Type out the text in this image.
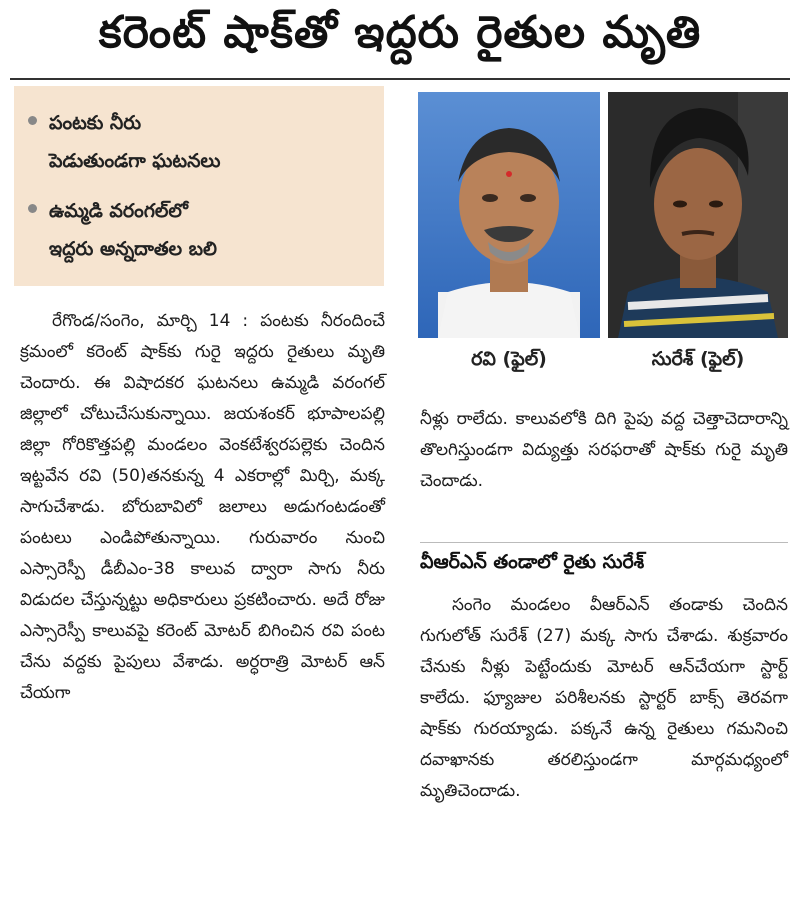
కరెంట్ షాక్‌తో ఇద్దరు రైతుల మృతి
పంటకు నీరు
పెడుతుండగా ఘటనలు
ఉమ్మడి వరంగల్‌లో
ఇద్దరు అన్నదాతల బలి
రవి (ఫైల్)	సురేశ్ (ఫైల్)

రేగొండ/సంగెం, మార్చి 14 : పంటకు నీరందించే క్రమంలో కరెంట్ షాక్‌కు గురై ఇద్దరు రైతులు మృతి చెందారు. ఈ విషాదకర ఘటనలు ఉమ్మడి వరంగల్ జిల్లాలో చోటుచేసుకున్నాయి. జయశంకర్ భూపాలపల్లి జిల్లా గోరికొత్తపల్లి మండలం వెంకటేశ్వరపల్లెకు చెందిన ఇట్టవేన రవి (50)తనకున్న 4 ఎకరాల్లో మిర్చి, మక్క సాగుచేశాడు. బోరుబావిలో జలాలు అడుగంటడంతో పంటలు ఎండిపోతున్నాయి. గురువారం నుంచి ఎస్సారెస్పీ డీబీఎం-38 కాలువ ద్వారా సాగు నీరు విడుదల చేస్తున్నట్టు అధికారులు ప్రకటించారు. అదే రోజు ఎస్సారెస్పీ కాలువపై కరెంట్ మోటర్ బిగించిన రవి పంట చేను వద్దకు పైపులు వేశాడు. అర్ధరాత్రి మోటర్ ఆన్ చేయగా

నీళ్లు రాలేదు. కాలువలోకి దిగి పైపు వద్ద చెత్తాచెదారాన్ని తొలగిస్తుండగా విద్యుత్తు సరఫరాతో షాక్‌కు గురై మృతి చెందాడు.

వీఆర్ఎన్ తండాలో రైతు సురేశ్

సంగెం మండలం వీఆర్ఎన్ తండాకు చెందిన గుగులోత్ సురేశ్ (27) మక్క సాగు చేశాడు. శుక్రవారం చేనుకు నీళ్లు పెట్టేందుకు మోటర్ ఆన్‌చేయగా స్టార్ట్ కాలేదు. ఫ్యూజుల పరిశీలనకు స్టార్టర్ బాక్స్ తెరవగా షాక్‌కు గురయ్యాడు. పక్కనే ఉన్న రైతులు గమనించి దవాఖానకు తరలిస్తుండగా మార్గమధ్యంలో మృతిచెందాడు.
